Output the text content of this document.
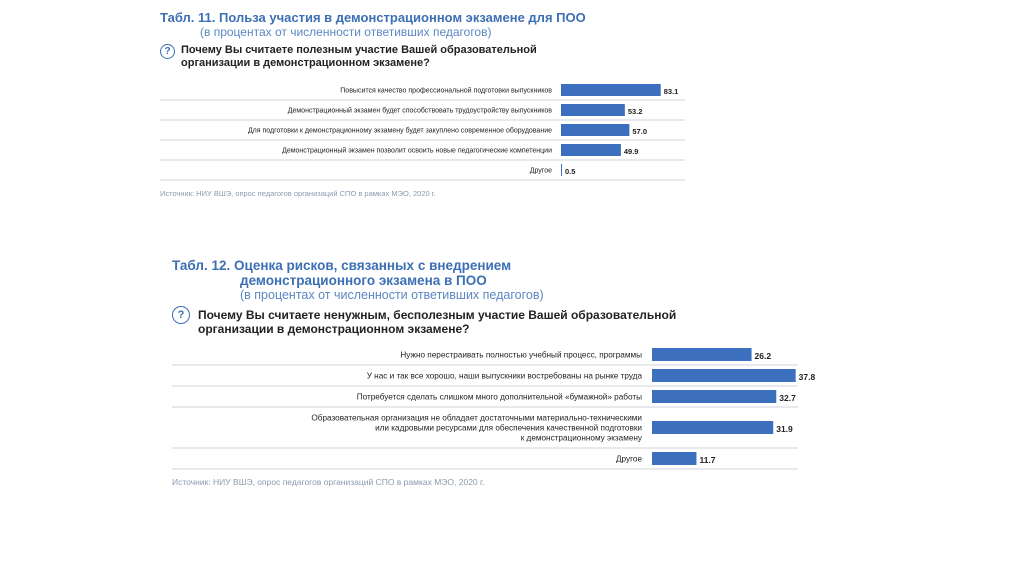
Табл. 11. Польза участия в демонстрационном экзамене для ПОО

(в процентах от численности ответивших педагогов)

? Почему Вы считаете полезным участие Вашей образовательной организации в демонстрационном экзамене?
Повысится качество профессиональной подготовки выпускников	83.1
Демонстрационный экзамен будет способствовать трудоустройству выпускников	53.2
Для подготовки к демонстрационному экзамену будет закуплено современное оборудование	57.0
Демонстрационный экзамен позволит освоить новые педагогические компетенции	49.9
Другое 0.5
Источник: НИУ ВШЭ, опрос педагогов организаций СПО в рамках МЭО, 2020 г.

Табл. 12. Оценка рисков, связанных с внедрением

демонстрационного экзамена в ПОО

(в процентах от численности ответивших педагогов)

?	Почему Вы считаете ненужным, бесполезным участие Вашей образовательной организации в демонстрационном экзамене?
Нужно перестраивать полностью учебный процесс, программы	26.2
У нас и так все хорошо, наши выпускники востребованы на рынке труда	37.8
Потребуется сделать слишком много дополнительной «бумажной» работы	32.7
Образовательная организация не обладает достаточными материально-техническими
или кадровыми ресурсами для обеспечения качественной подготовки
к демонстрационному экзамену
31.9
Другое	11.7
Источник: НИУ ВШЭ, опрос педагогов организаций СПО в рамках МЭО, 2020 г.
